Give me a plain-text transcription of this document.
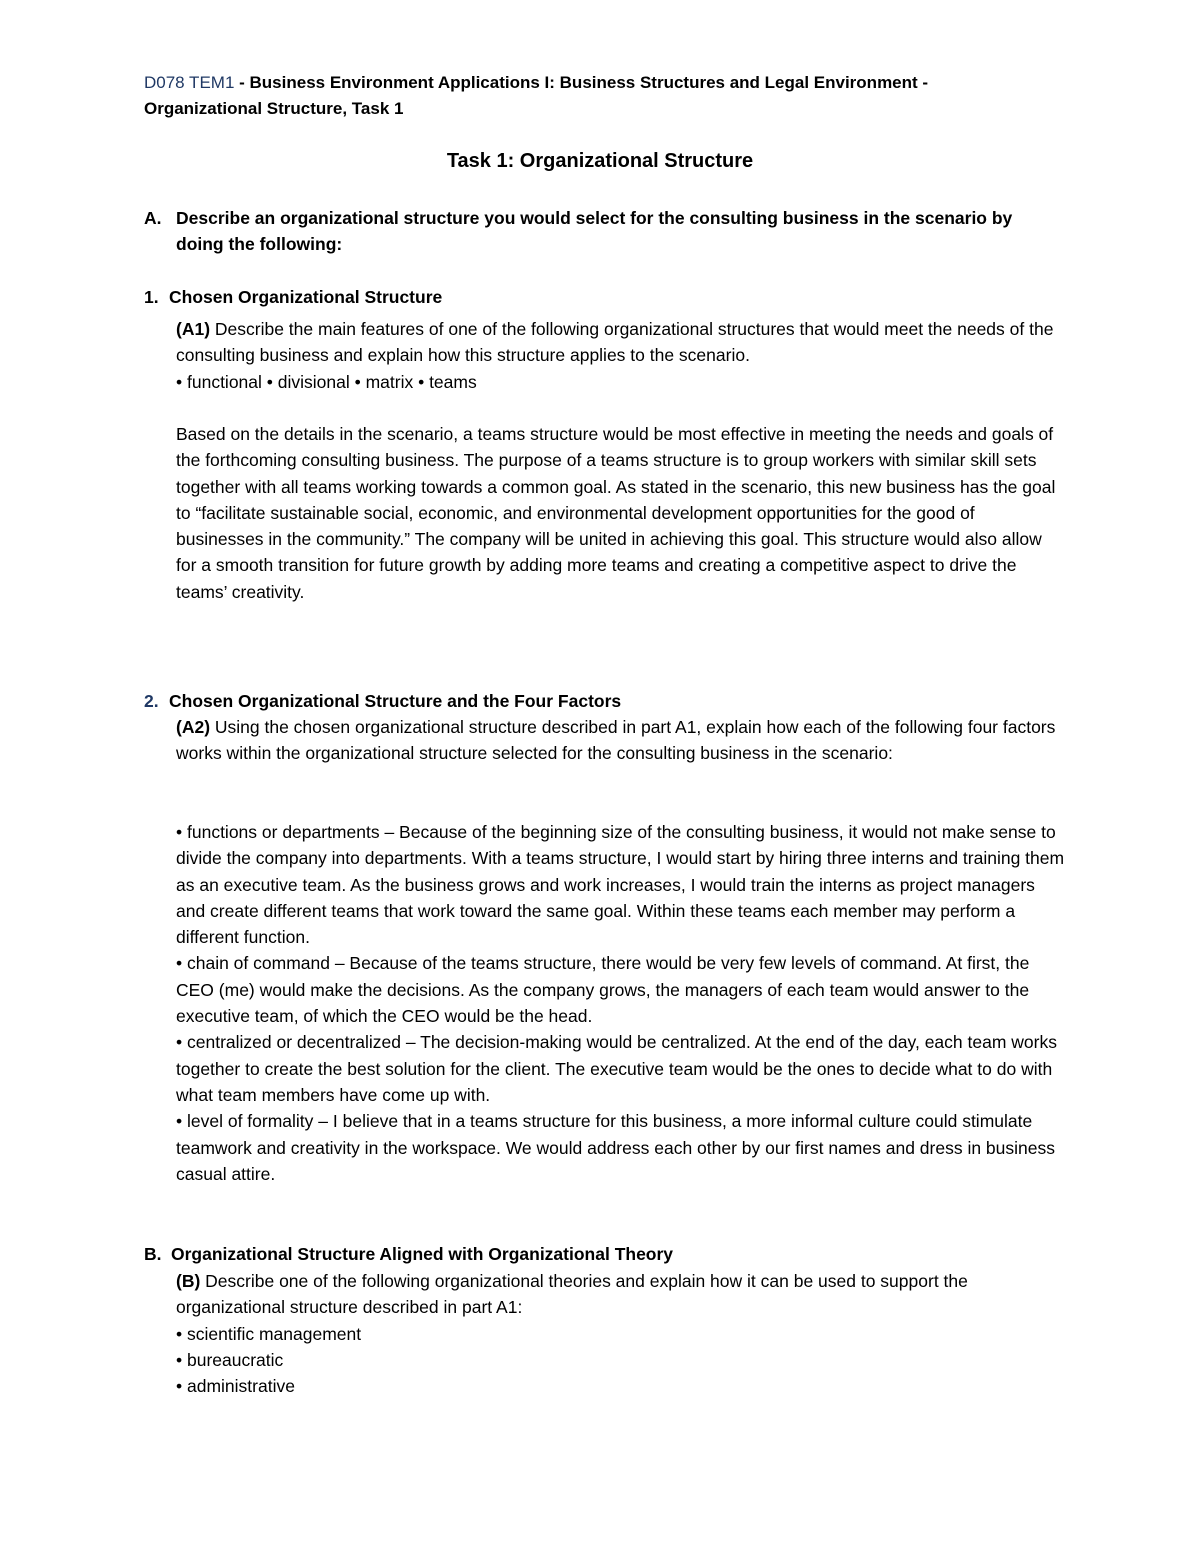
D078 TEM1 - Business Environment Applications I: Business Structures and Legal Environment - Organizational Structure, Task 1
Task 1: Organizational Structure
A. Describe an organizational structure you would select for the consulting business in the scenario by doing the following:
1. Chosen Organizational Structure

(A1) Describe the main features of one of the following organizational structures that would meet the needs of the consulting business and explain how this structure applies to the scenario.

• functional • divisional • matrix • teams

Based on the details in the scenario, a teams structure would be most effective in meeting the needs and goals of the forthcoming consulting business. The purpose of a teams structure is to group workers with similar skill sets together with all teams working towards a common goal. As stated in the scenario, this new business has the goal to “facilitate sustainable social, economic, and environmental development opportunities for the good of businesses in the community.” The company will be united in achieving this goal. This structure would also allow for a smooth transition for future growth by adding more teams and creating a competitive aspect to drive the teams’ creativity.
2. Chosen Organizational Structure and the Four Factors

(A2) Using the chosen organizational structure described in part A1, explain how each of the following four factors works within the organizational structure selected for the consulting business in the scenario:

• functions or departments – Because of the beginning size of the consulting business, it would not make sense to divide the company into departments. With a teams structure, I would start by hiring three interns and training them as an executive team. As the business grows and work increases, I would train the interns as project managers and create different teams that work toward the same goal. Within these teams each member may perform a different function.

• chain of command – Because of the teams structure, there would be very few levels of command. At first, the CEO (me) would make the decisions. As the company grows, the managers of each team would answer to the executive team, of which the CEO would be the head.

• centralized or decentralized – The decision-making would be centralized. At the end of the day, each team works together to create the best solution for the client. The executive team would be the ones to decide what to do with what team members have come up with.

• level of formality – I believe that in a teams structure for this business, a more informal culture could stimulate teamwork and creativity in the workspace. We would address each other by our first names and dress in business casual attire.

B. Organizational Structure Aligned with Organizational Theory

(B) Describe one of the following organizational theories and explain how it can be used to support the organizational structure described in part A1:

• scientific management

• bureaucratic

• administrative
